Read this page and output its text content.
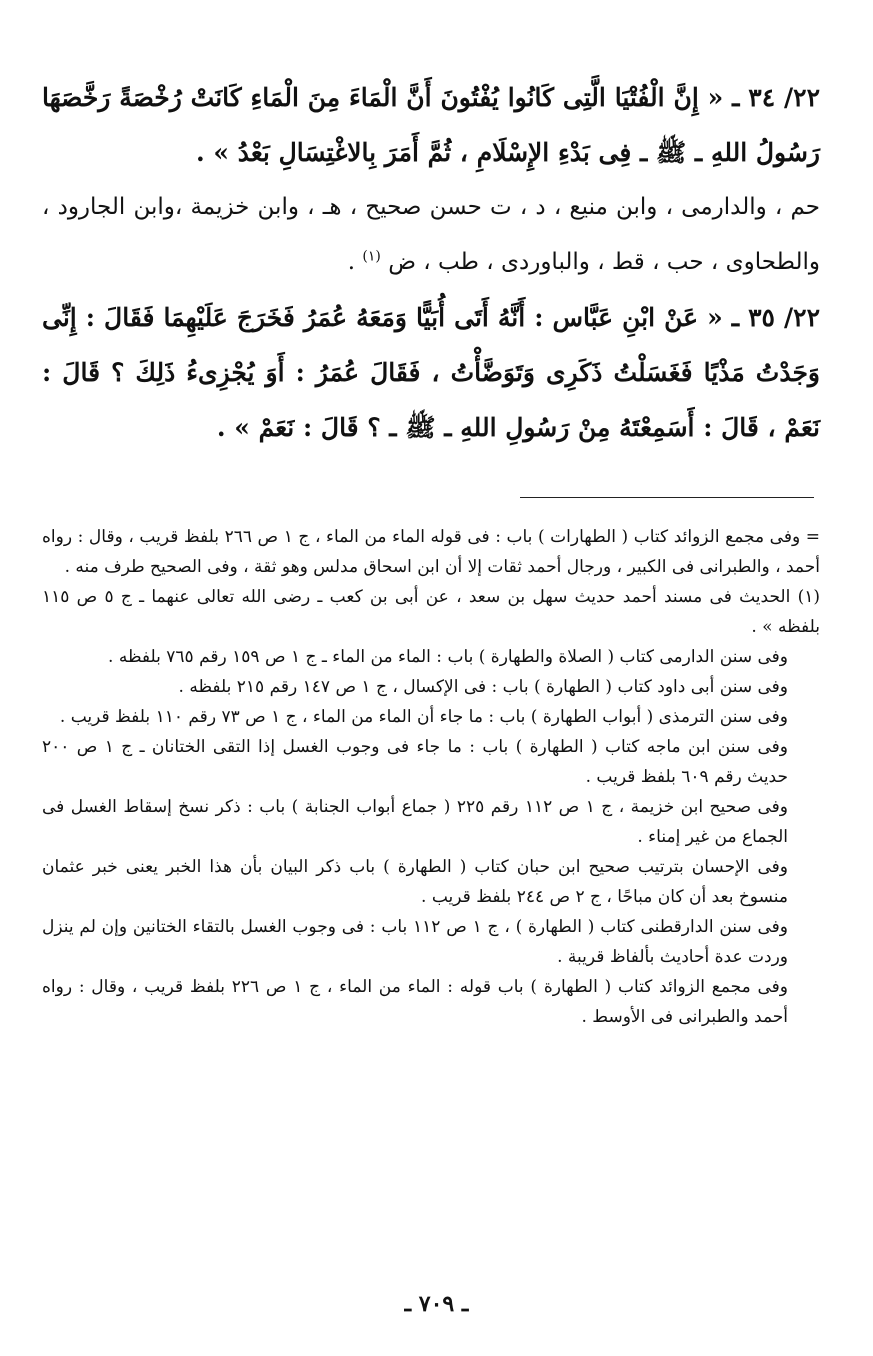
٢٢/ ٣٤ ـ « إِنَّ الْفُتْيَا الَّتِى كَانُوا يُفْتُونَ أَنَّ الْمَاءَ مِنَ الْمَاءِ كَانَتْ رُخْصَةً رَخَّصَهَا رَسُولُ اللهِ ـ ﷺ ـ فِى بَدْءِ الإِسْلَامِ ، ثُمَّ أَمَرَ بِالاغْتِسَالِ بَعْدُ » .

حم ، والدارمى ، وابن منيع ، د ، ت حسن صحيح ، هـ ، وابن خزيمة ،وابن الجارود ، والطحاوى ، حب ، قط ، والباوردى ، طب ، ض $^{(١)}$ .

٢٢/ ٣٥ ـ « عَنْ ابْنِ عَبَّاس : أَنَّهُ أَتَى أُبَيًّا وَمَعَهُ عُمَرُ فَخَرَجَ عَلَيْهِمَا فَقَالَ : إِنِّى وَجَدْتُ مَذْيًا فَغَسَلْتُ ذَكَرِى وَتَوَضَّأْتُ ، فَقَالَ عُمَرُ : أَوَ يُجْزِىءُ ذَلِكَ ؟ قَالَ : نَعَمْ ، قَالَ : أَسَمِعْتَهُ مِنْ رَسُولِ اللهِ ـ ﷺ ـ ؟ قَالَ : نَعَمْ » .

= وفى مجمع الزوائد كتاب ( الطهارات ) باب : فى قوله الماء من الماء ، ج ١ ص ٢٦٦ بلفظ قريب ، وقال : رواه أحمد ، والطبرانى فى الكبير ، ورجال أحمد ثقات إلا أن ابن اسحاق مدلس وهو ثقة ، وفى الصحيح طرف منه .

(١) الحديث فى مسند أحمد حديث سهل بن سعد ، عن أبى بن كعب ـ رضى الله تعالى عنهما ـ ج ٥ ص ١١٥ بلفظه » .

وفى سنن الدارمى كتاب ( الصلاة والطهارة ) باب : الماء من الماء ـ ج ١ ص ١٥٩ رقم ٧٦٥ بلفظه .

وفى سنن أبى داود كتاب ( الطهارة ) باب : فى الإكسال ، ج ١ ص ١٤٧ رقم ٢١٥ بلفظه .

وفى سنن الترمذى ( أبواب الطهارة ) باب : ما جاء أن الماء من الماء ، ج ١ ص ٧٣ رقم ١١٠ بلفظ قريب .

وفى سنن ابن ماجه كتاب ( الطهارة ) باب : ما جاء فى وجوب الغسل إذا التقى الختانان ـ ج ١ ص ٢٠٠ حديث رقم ٦٠٩ بلفظ قريب .

وفى صحيح ابن خزيمة ، ج ١ ص ١١٢ رقم ٢٢٥ ( جماع أبواب الجنابة ) باب : ذكر نسخ إسقاط الغسل فى الجماع من غير إمناء .

وفى الإحسان بترتيب صحيح ابن حبان كتاب ( الطهارة ) باب ذكر البيان بأن هذا الخبر يعنى خبر عثمان منسوخ بعد أن كان مباحًا ، ج ٢ ص ٢٤٤ بلفظ قريب .

وفى سنن الدارقطنى كتاب ( الطهارة ) ، ج ١ ص ١١٢ باب : فى وجوب الغسل بالتقاء الختانين وإن لم ينزل وردت عدة أحاديث بألفاظ قريبة .

وفى مجمع الزوائد كتاب ( الطهارة ) باب قوله : الماء من الماء ، ج ١ ص ٢٢٦ بلفظ قريب ، وقال : رواه أحمد والطبرانى فى الأوسط .

ـ ٧٠٩ ـ
